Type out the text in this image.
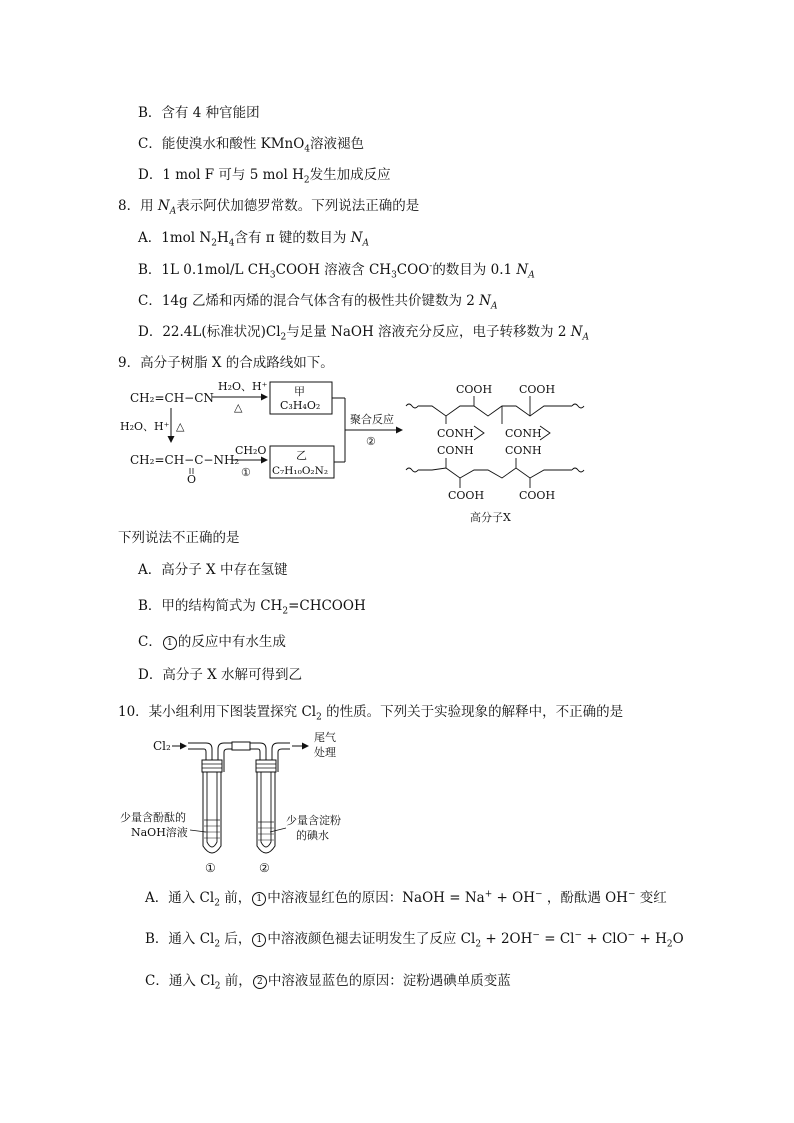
B．含有 4 种官能团
C．能使溴水和酸性 KMnO$_4$溶液褪色
D．1 mol F 可与 5 mol $H_2$发生加成反应
8．用 $N_A$表示阿伏加德罗常数。下列说法正确的是
A．1mol $N_2H_4$含有 π 键的数目为 $N_A$
B．1L 0.1mol/L $CH_3COOH$ 溶液含 $CH_3COO^-$的数目为 0.1 $N_A$
C．14g 乙烯和丙烯的混合气体含有的极性共价键数为 2 $N_A$
D．22.4L(标准状况)$Cl_2$与足量 NaOH 溶液充分反应，电子转移数为 2 $N_A$
9．高分子树脂 X 的合成路线如下。
CH₂=CH−CN
H₂O、H⁺
△
甲
C₃H₄O₂
H₂O、H⁺ △
CH₂=CH−C−NH₂
O
CH₂O
①
乙
C₇H₁₀O₂N₂
聚合反应
②
COOH COOH
CONH	CONH
CONH	CONH
COOH	COOH
高分子X
下列说法不正确的是
A．高分子 X 中存在氢键
B．甲的结构简式为 $CH_2=CHCOOH$
C． 1 的反应中有水生成
D．高分子 X 水解可得到乙
10．某小组利用下图装置探究 $Cl_2$ 的性质。下列关于实验现象的解释中，不正确的是
Cl₂
尾气
处理
少量含酚酞的
NaOH溶液
少量含淀粉
的碘水
①	②
A．通入 $Cl_2$ 前， 1 中溶液显红色的原因：NaOH = Na+ + OH− ，酚酞遇 OH− 变红
B．通入 $Cl_2$ 后， 1 中溶液颜色褪去证明发生了反应 $Cl_2 + 2OH^- = Cl^- + ClO^- + H_2O$
C．通入 $Cl_2$ 前， 2 中溶液显蓝色的原因：淀粉遇碘单质变蓝
